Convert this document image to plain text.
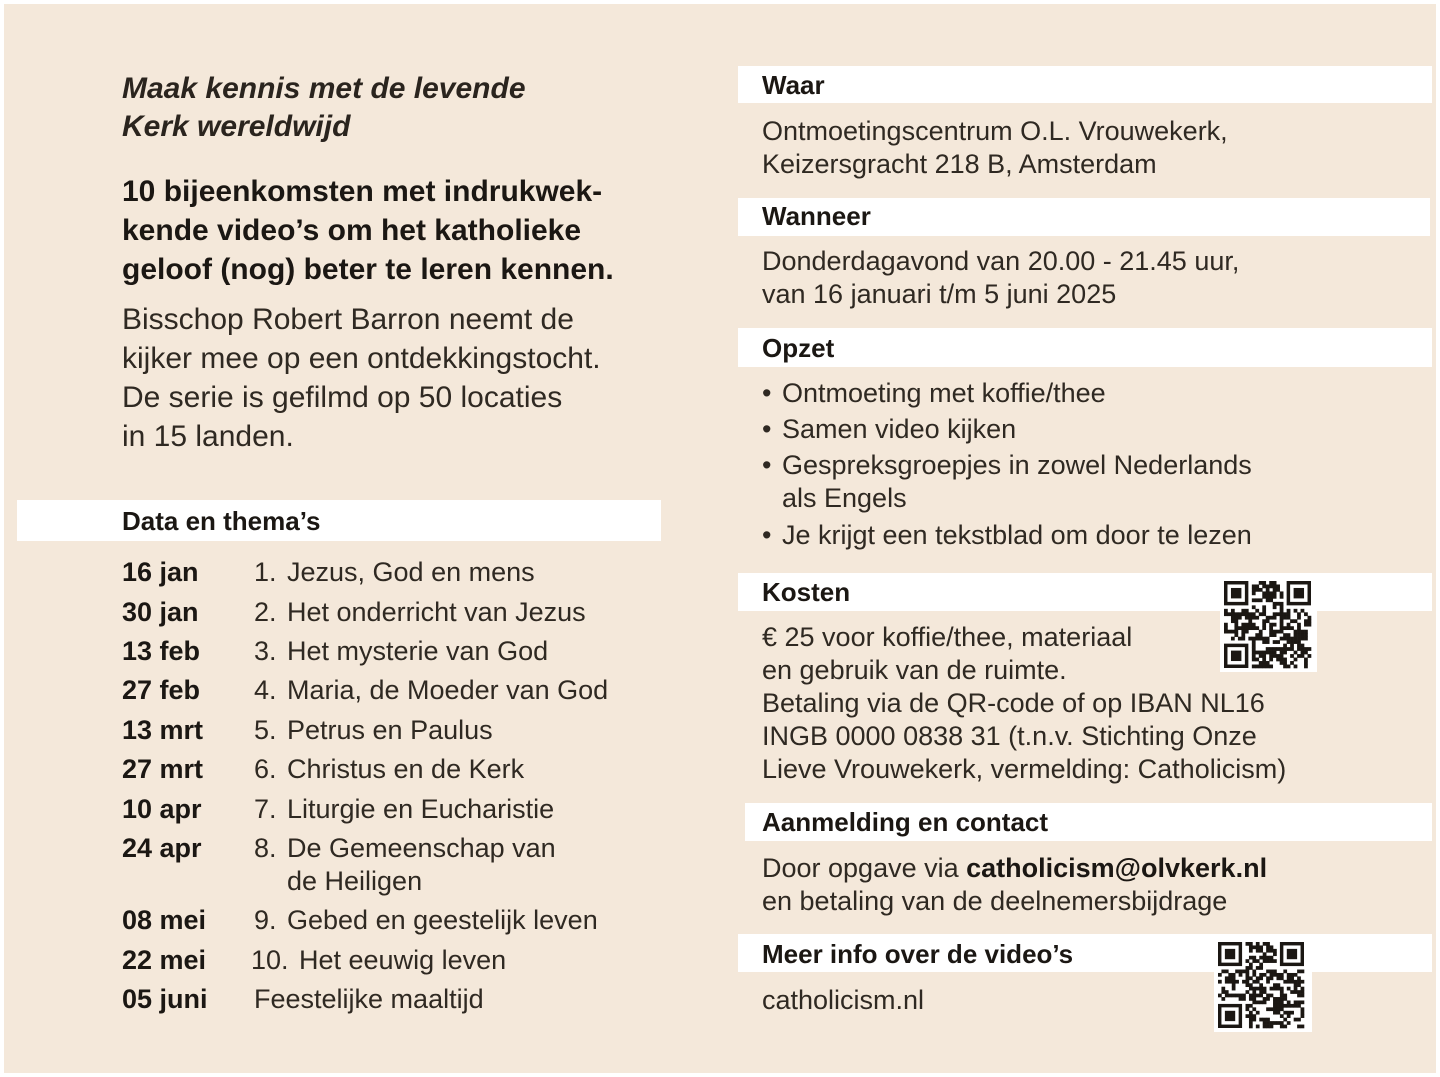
Maak kennis met de levende
Kerk wereldwijd
10 bijeenkomsten met indrukwek-
kende video’s om het katholieke
geloof (nog) beter te leren kennen.
Bisschop Robert Barron neemt de
kijker mee op een ontdekkingstocht.
De serie is gefilmd op 50 locaties
in 15 landen.
Data en thema’s
16 jan 1. Jezus, God en mens
30 jan 2. Het onderricht van Jezus
13 feb 3. Het mysterie van God
27 feb 4. Maria, de Moeder van God
13 mrt 5. Petrus en Paulus
27 mrt 6. Christus en de Kerk
10 apr 7. Liturgie en Eucharistie
24 apr 8. De Gemeenschap van
de Heiligen
08 mei 9. Gebed en geestelijk leven
22 mei 10. Het eeuwig leven
05 juni Feestelijke maaltijd
Waar
Ontmoetingscentrum O.L. Vrouwekerk,
Keizersgracht 218 B, Amsterdam
Wanneer
Donderdagavond van 20.00 - 21.45 uur,
van 16 januari t/m 5 juni 2025
Opzet
• Ontmoeting met koffie/thee
• Samen video kijken
• Gespreksgroepjes in zowel Nederlands
als Engels
• Je krijgt een tekstblad om door te lezen
Kosten
€ 25 voor koffie/thee, materiaal
en gebruik van de ruimte.
Betaling via de QR-code of op IBAN NL16
INGB 0000 0838 31 (t.n.v. Stichting Onze
Lieve Vrouwekerk, vermelding: Catholicism)
Aanmelding en contact
Door opgave via catholicism@olvkerk.nl
en betaling van de deelnemersbijdrage
Meer info over de video’s
catholicism.nl
